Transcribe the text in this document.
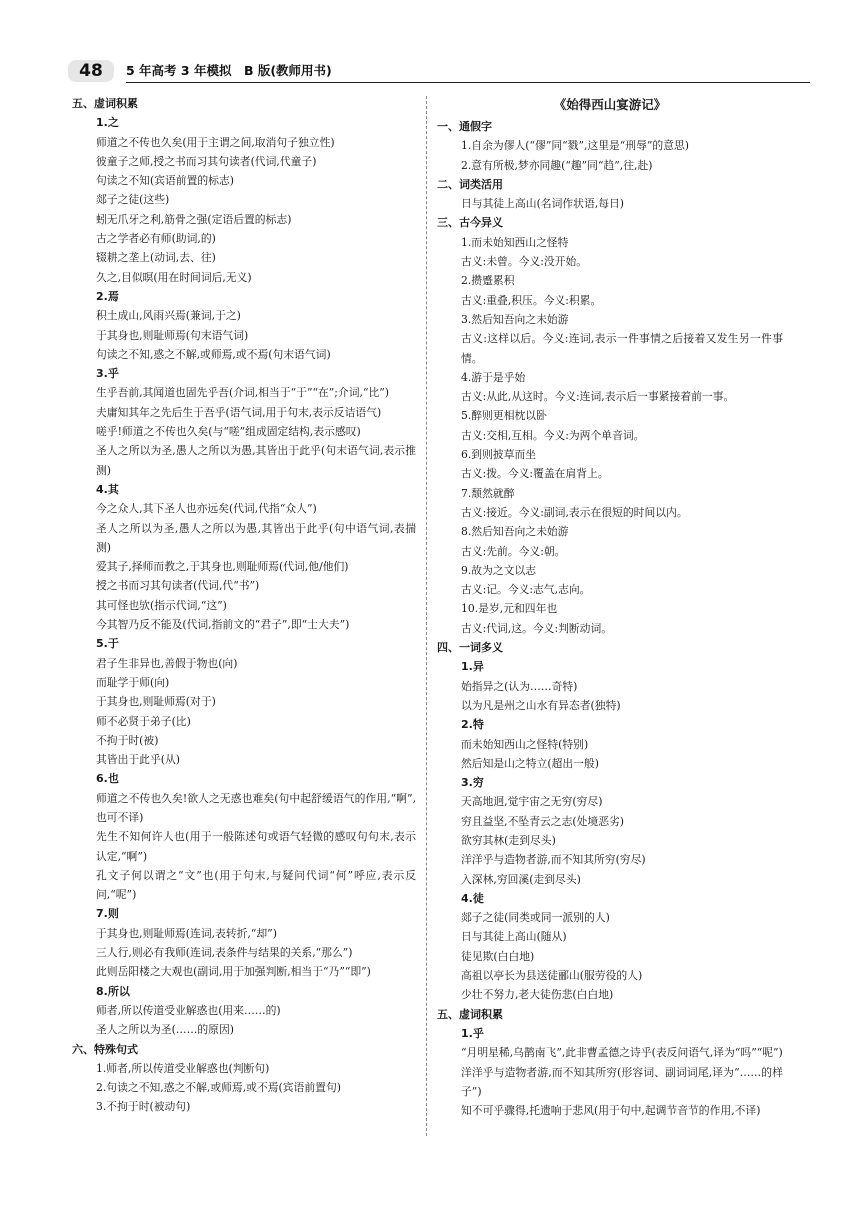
48	5 年高考 3 年模拟　B 版(教师用书)
五、虚词积累
1.之
师道之不传也久矣(用于主谓之间,取消句子独立性)
彼童子之师,授之书而习其句读者(代词,代童子)
句读之不知(宾语前置的标志)
郯子之徒(这些)
蚓无爪牙之利,筋骨之强(定语后置的标志)
古之学者必有师(助词,的)
辍耕之垄上(动词,去、往)
久之,目似暝(用在时间词后,无义)
2.焉
积土成山,风雨兴焉(兼词,于之)
于其身也,则耻师焉(句末语气词)
句读之不知,惑之不解,或师焉,或不焉(句末语气词)
3.乎
生乎吾前,其闻道也固先乎吾(介词,相当于“于”“在”;介词,“比”)
夫庸知其年之先后生于吾乎(语气词,用于句末,表示反诘语气)
嗟乎!师道之不传也久矣(与“嗟”组成固定结构,表示感叹)
圣人之所以为圣,愚人之所以为愚,其皆出于此乎(句末语气词,表示推测)
4.其
今之众人,其下圣人也亦远矣(代词,代指“众人”)
圣人之所以为圣,愚人之所以为愚,其皆出于此乎(句中语气词,表揣测)
爱其子,择师而教之,于其身也,则耻师焉(代词,他/他们)
授之书而习其句读者(代词,代“书”)
其可怪也欤(指示代词,“这”)
今其智乃反不能及(代词,指前文的“君子”,即“士大夫”)
5.于
君子生非异也,善假于物也(向)
而耻学于师(向)
于其身也,则耻师焉(对于)
师不必贤于弟子(比)
不拘于时(被)
其皆出于此乎(从)
6.也
师道之不传也久矣!欲人之无惑也难矣(句中起舒缓语气的作用,“啊”,也可不译)
先生不知何许人也(用于一般陈述句或语气轻微的感叹句句末,表示认定,“啊”)
孔文子何以谓之“文”也(用于句末,与疑问代词“何”呼应,表示反问,“呢”)
7.则
于其身也,则耻师焉(连词,表转折,“却”)
三人行,则必有我师(连词,表条件与结果的关系,“那么”)
此则岳阳楼之大观也(副词,用于加强判断,相当于“乃”“即”)
8.所以
师者,所以传道受业解惑也(用来……的)
圣人之所以为圣(……的原因)
六、特殊句式
1.师者,所以传道受业解惑也(判断句)
2.句读之不知,惑之不解,或师焉,或不焉(宾语前置句)
3.不拘于时(被动句)
《始得西山宴游记》
一、通假字
1.自余为僇人(“僇”同“戮”,这里是“刑辱”的意思)
2.意有所极,梦亦同趣(“趣”同“趋”,往,赴)
二、词类活用
日与其徒上高山(名词作状语,每日)
三、古今异义
1.而未始知西山之怪特
古义:未曾。今义:没开始。
2.攒蹙累积
古义:重叠,积压。今义:积累。
3.然后知吾向之未始游
古义:这样以后。今义:连词,表示一件事情之后接着又发生另一件事情。
4.游于是乎始
古义:从此,从这时。今义:连词,表示后一事紧接着前一事。
5.醉则更相枕以卧
古义:交相,互相。今义:为两个单音词。
6.到则披草而坐
古义:拨。今义:覆盖在肩背上。
7.颓然就醉
古义:接近。今义:副词,表示在很短的时间以内。
8.然后知吾向之未始游
古义:先前。今义:朝。
9.故为之文以志
古义:记。今义:志气,志向。
10.是岁,元和四年也
古义:代词,这。今义:判断动词。
四、一词多义
1.异
始指异之(认为……奇特)
以为凡是州之山水有异态者(独特)
2.特
而未始知西山之怪特(特别)
然后知是山之特立(超出一般)
3.穷
天高地迥,觉宇宙之无穷(穷尽)
穷且益坚,不坠青云之志(处境恶劣)
欲穷其林(走到尽头)
洋洋乎与造物者游,而不知其所穷(穷尽)
入深林,穷回溪(走到尽头)
4.徒
郯子之徒(同类或同一派别的人)
日与其徒上高山(随从)
徒见欺(白白地)
高祖以亭长为县送徒郦山(服劳役的人)
少壮不努力,老大徒伤悲(白白地)
五、虚词积累
1.乎
“月明星稀,乌鹊南飞”,此非曹孟德之诗乎(表反问语气,译为“吗”“呢”)
洋洋乎与造物者游,而不知其所穷(形容词、副词词尾,译为“……的样子”)
知不可乎骤得,托遗响于悲风(用于句中,起调节音节的作用,不译)
